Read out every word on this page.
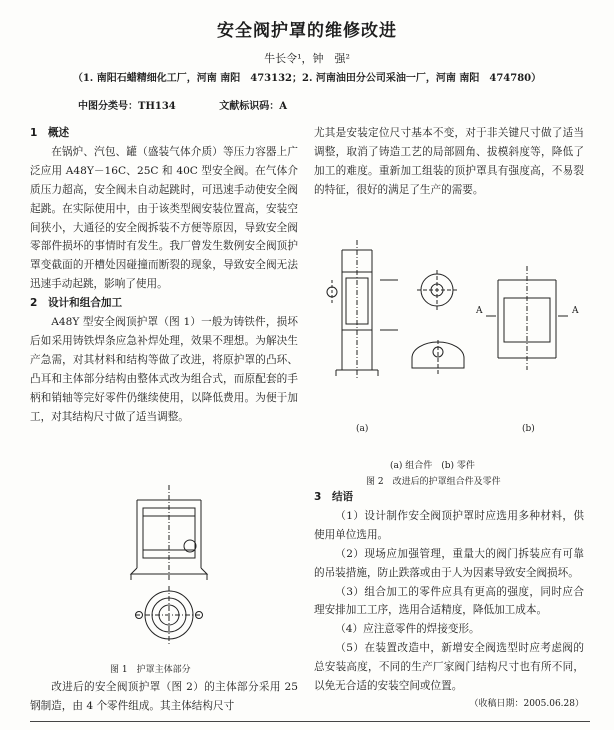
安全阀护罩的维修改进
牛长令¹，钟　强²
（1. 南阳石蜡精细化工厂，河南 南阳　473132；2. 河南油田分公司采油一厂，河南 南阳　474780）
中图分类号：TH134	文献标识码：A
1　概述

在锅炉、汽包、罐（盛装气体介质）等压力容器上广泛应用 A48Y－16C、25C 和 40C 型安全阀。在气体介质压力超高，安全阀未自动起跳时，可迅速手动使安全阀起跳。在实际使用中，由于该类型阀安装位置高，安装空间狭小，大通径的安全阀拆装不方便等原因，导致安全阀零部件损坏的事情时有发生。我厂曾发生数例安全阀顶护罩变截面的开槽处因碰撞而断裂的现象，导致安全阀无法迅速手动起跳，影响了使用。

2　设计和组合加工

A48Y 型安全阀顶护罩（图 1）一般为铸铁件，损坏后如采用铸铁焊条应急补焊处理，效果不理想。为解决生产急需，对其材料和结构等做了改进，将原护罩的凸环、凸耳和主体部分结构由整体式改为组合式，而原配套的手柄和销轴等完好零件仍继续使用，以降低费用。为便于加工，对其结构尺寸做了适当调整。

图 1　护罩主体部分

改进后的安全阀顶护罩（图 2）的主体部分采用 25 钢制造，由 4 个零件组成。其主体结构尺寸

尤其是安装定位尺寸基本不变，对于非关键尺寸做了适当调整，取消了铸造工艺的局部圆角、拔模斜度等，降低了加工的难度。重新加工组装的顶护罩具有强度高，不易裂的特征，很好的满足了生产的需要。

A	A
(a)	(b)
(a) 组合件　(b) 零件
图 2　改进后的护罩组合件及零件
3　结语

（1）设计制作安全阀顶护罩时应选用多种材料，供使用单位选用。

（2）现场应加强管理，重量大的阀门拆装应有可靠的吊装措施，防止跌落或由于人为因素导致安全阀损坏。

（3）组合加工的零件应具有更高的强度，同时应合理安排加工工序，选用合适精度，降低加工成本。

（4）应注意零件的焊接变形。

（5）在装置改造中，新增安全阀选型时应考虑阀的总安装高度，不同的生产厂家阀门结构尺寸也有所不同，以免无合适的安装空间或位置。

（收稿日期：2005.06.28）
